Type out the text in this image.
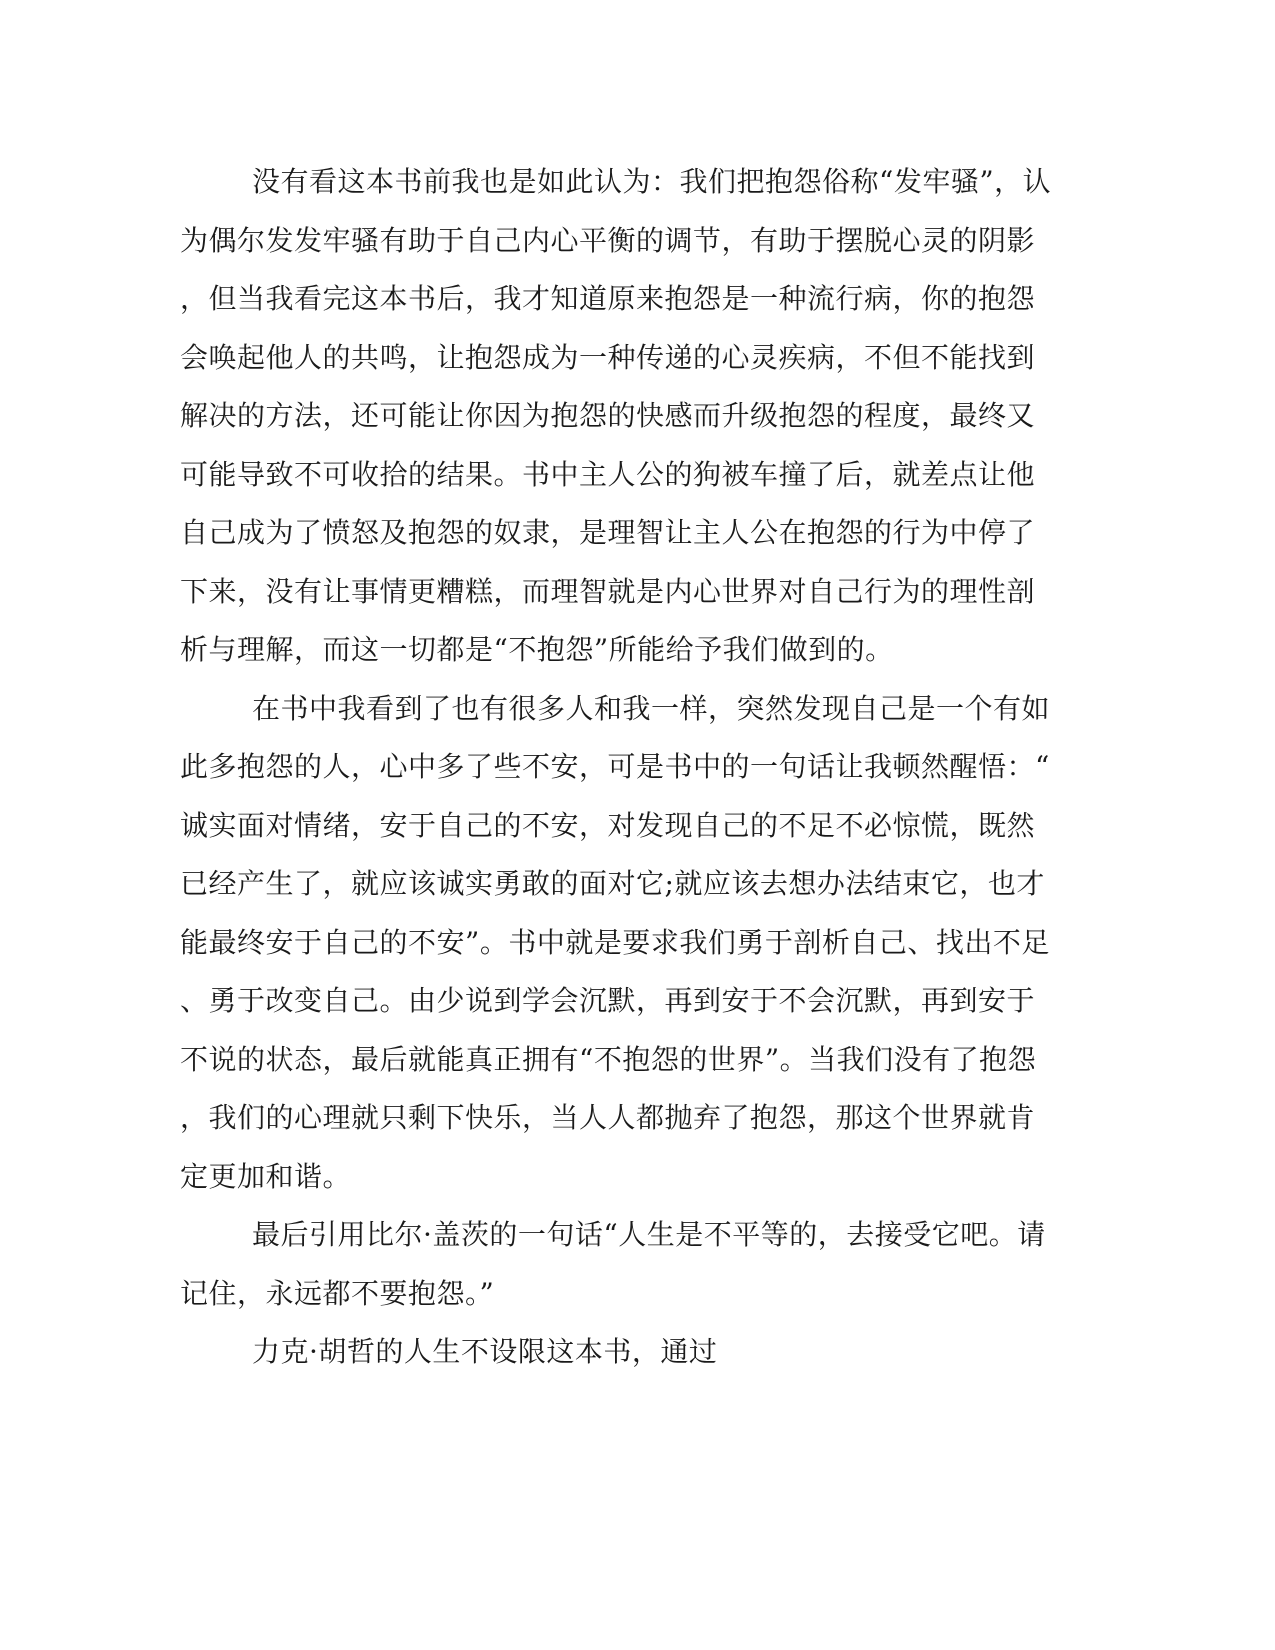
没有看这本书前我也是如此认为：我们把抱怨俗称“发牢骚”，认
为偶尔发发牢骚有助于自己内心平衡的调节，有助于摆脱心灵的阴影
，但当我看完这本书后，我才知道原来抱怨是一种流行病，你的抱怨
会唤起他人的共鸣，让抱怨成为一种传递的心灵疾病，不但不能找到
解决的方法，还可能让你因为抱怨的快感而升级抱怨的程度，最终又
可能导致不可收拾的结果。书中主人公的狗被车撞了后，就差点让他
自己成为了愤怒及抱怨的奴隶，是理智让主人公在抱怨的行为中停了
下来，没有让事情更糟糕，而理智就是内心世界对自己行为的理性剖
析与理解，而这一切都是“不抱怨”所能给予我们做到的。
在书中我看到了也有很多人和我一样，突然发现自己是一个有如
此多抱怨的人，心中多了些不安，可是书中的一句话让我顿然醒悟：“
诚实面对情绪，安于自己的不安，对发现自己的不足不必惊慌，既然
已经产生了，就应该诚实勇敢的面对它;就应该去想办法结束它，也才
能最终安于自己的不安”。书中就是要求我们勇于剖析自己、找出不足
、勇于改变自己。由少说到学会沉默，再到安于不会沉默，再到安于
不说的状态，最后就能真正拥有“不抱怨的世界”。当我们没有了抱怨
，我们的心理就只剩下快乐，当人人都抛弃了抱怨，那这个世界就肯
定更加和谐。
最后引用比尔·盖茨的一句话“人生是不平等的，去接受它吧。请
记住，永远都不要抱怨。”
力克·胡哲的人生不设限这本书，通过
